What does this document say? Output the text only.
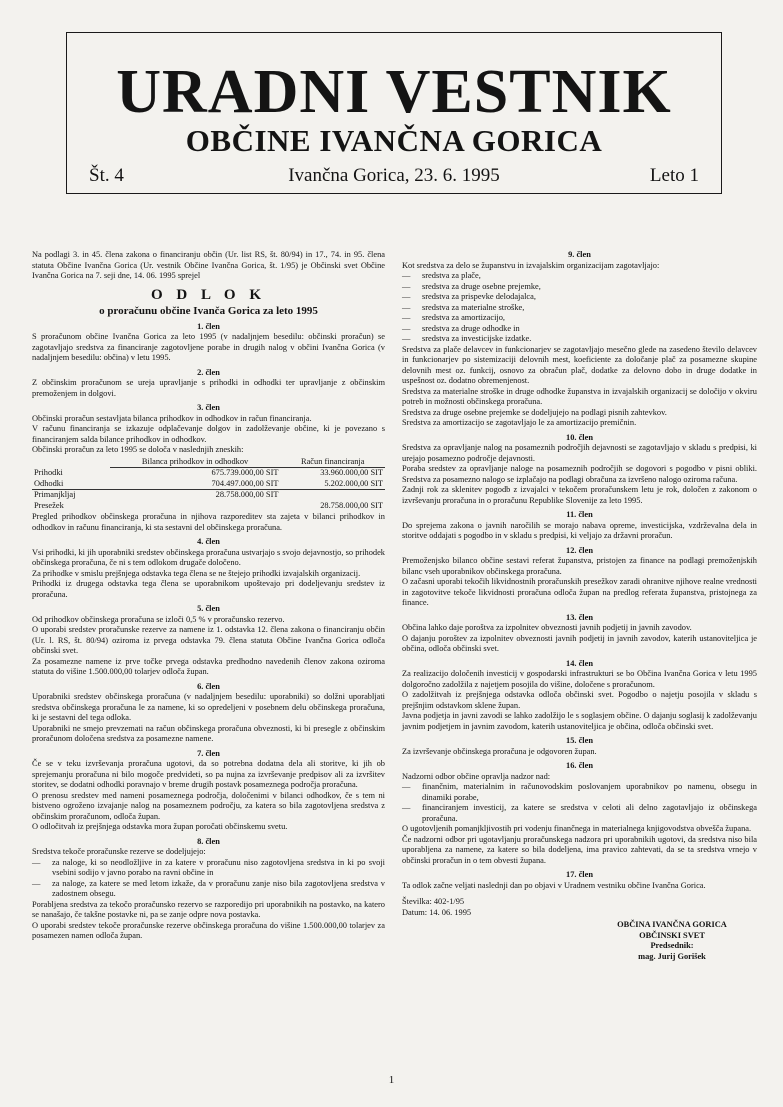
URADNI VESTNIK
OBČINE IVANČNA GORICA
Št. 4	Ivančna Gorica, 23. 6. 1995	Leto 1

Na podlagi 3. in 45. člena zakona o financiranju občin (Ur. list RS, št. 80/94) in 17., 74. in 95. člena statuta Občine Ivančna Gorica (Ur. vestnik Občine Ivančna Gorica, št. 1/95) je Občinski svet Občine Ivančna Gorica na 7. seji dne, 14. 06. 1995 sprejel

O D L O K
o proračunu občine Ivanča Gorica za leto 1995
1. člen

S proračunom občine Ivančna Gorica za leto 1995 (v nadaljnjem besedilu: občinski proračun) se zagotavljajo sredstva za financiranje zagotovljene porabe in drugih nalog v občini Ivančna Gorica (v nadaljnjem besedilu: občina) v letu 1995.

2. člen

Z občinskim proračunom se ureja upravljanje s prihodki in odhodki ter upravljanje z občinskim premoženjem in dolgovi.

3. člen

Občinski proračun sestavljata bilanca prihodkov in odhodkov in račun financiranja.

V računu financiranja se izkazuje odplačevanje dolgov in zadolževanje občine, ki je povezano s financiranjem salda bilance prihodkov in odhodkov.

Občinski proračun za leto 1995 se določa v naslednjih zneskih:

	Bilanca prihodkov in odhodkov	Račun financiranja
Prihodki	675.739.000,00 SIT	33.960.000,00 SIT
Odhodki	704.497.000,00 SIT	5.202.000,00 SIT
Primanjkljaj	28.758.000,00 SIT	
Presežek		28.758.000,00 SIT

Pregled prihodkov občinskega proračuna in njihova razporeditev sta zajeta v bilanci prihodkov in odhodkov in računu financiranja, ki sta sestavni del občinskega proračuna.

4. člen

Vsi prihodki, ki jih uporabniki sredstev občinskega proračuna ustvarjajo s svojo dejavnostjo, so prihodek občinskega proračuna, če ni s tem odlokom drugače določeno.

Za prihodke v smislu prejšnjega odstavka tega člena se ne štejejo prihodki izvajalskih organizacij.

Prihodki iz drugega odstavka tega člena se uporabnikom upoštevajo pri dodeljevanju sredstev iz proračuna.

5. člen

Od prihodkov občinskega proračuna se izloči 0,5 % v proračunsko rezervo.

O uporabi sredstev proračunske rezerve za namene iz 1. odstavka 12. člena zakona o financiranju občin (Ur. l. RS, št. 80/94) oziroma iz prvega odstavka 79. člena statuta Občine Ivančna Gorica odloča občinski svet.

Za posamezne namene iz prve točke prvega odstavka predhodno navedenih členov zakona oziroma statuta do višine 1.500.000,00 tolarjev odloča župan.

6. člen

Uporabniki sredstev občinskega proračuna (v nadaljnjem besedilu: uporabniki) so dolžni uporabljati sredstva občinskega proračuna le za namene, ki so opredeljeni v posebnem delu občinskega proračuna, ki je sestavni del tega odloka.

Uporabniki ne smejo prevzemati na račun občinskega proračuna obveznosti, ki bi presegle z občinskim proračunom določena sredstva za posamezne namene.

7. člen

Če se v teku izvrševanja proračuna ugotovi, da so potrebna dodatna dela ali storitve, ki jih ob sprejemanju proračuna ni bilo mogoče predvideti, so pa nujna za izvrševanje predpisov ali za izvršitev storitev, se dodatni odhodki poravnajo v breme drugih postavk posameznega področja proračuna.

O prenosu sredstev med nameni posameznega področja, določenimi v bilanci odhodkov, če s tem ni bistveno ogroženo izvajanje nalog na posameznem področju, za katera so bila zagotovljena sredstva z občinskim proračunom, odloča župan.

O odločitvah iz prejšnjega odstavka mora župan poročati občinskemu svetu.

8. člen

Sredstva tekoče proračunske rezerve se dodeljujejo:

— za naloge, ki so neodložljive in za katere v proračunu niso zagotovljena sredstva in ki po svoji vsebini sodijo v javno porabo na ravni občine in
— za naloge, za katere se med letom izkaže, da v proračunu zanje niso bila zagotovljena sredstva v zadostnem obsegu.

Porabljena sredstva za tekočo proračunsko rezervo se razporedijo pri uporabnikih na postavko, na katero se nanašajo, če takšne postavke ni, pa se zanje odpre nova postavka.

O uporabi sredstev tekoče proračunske rezerve občinskega proračuna do višine 1.500.000,00 tolarjev za posamezen namen odloča župan.

9. člen

Kot sredstva za delo se županstvu in izvajalskim organizacijam zagotavljajo:

— sredstva za plače,
— sredstva za druge osebne prejemke,
— sredstva za prispevke delodajalca,
— sredstva za materialne stroške,
— sredstva za amortizacijo,
— sredstva za druge odhodke in
— sredstva za investicijske izdatke.

Sredstva za plače delavcev in funkcionarjev se zagotavljajo mesečno glede na zasedeno število delavcev in funkcionarjev po sistemizaciji delovnih mest, koeficiente za določanje plač za posamezne skupine delovnih mest oz. funkcij, osnovo za obračun plač, dodatke za delovno dobo in druge dodatke in uspešnost oz. dodatno obremenjenost.

Sredstva za materialne stroške in druge odhodke županstva in izvajalskih organizacij se določijo v okviru potreb in možnosti občinskega proračuna.

Sredstva za druge osebne prejemke se dodeljujejo na podlagi pisnih zahtevkov.

Sredstva za amortizacijo se zagotavljajo le za amortizacijo premičnin.

10. člen

Sredstva za opravljanje nalog na posameznih področjih dejavnosti se zagotavljajo v skladu s predpisi, ki urejajo posamezno področje dejavnosti.

Poraba sredstev za opravljanje naloge na posameznih področjih se dogovori s pogodbo v pisni obliki. Sredstva za posamezno nalogo se izplačajo na podlagi obračuna za izvršeno nalogo oziroma računa.

Zadnji rok za sklenitev pogodb z izvajalci v tekočem proračunskem letu je rok, določen z zakonom o izvrševanju proračuna in o proračunu Republike Slovenije za leto 1995.

11. člen

Do sprejema zakona o javnih naročilih se morajo nabava opreme, investicijska, vzdrževalna dela in storitve oddajati s pogodbo in v skladu s predpisi, ki veljajo za državni proračun.

12. člen

Premoženjsko bilanco občine sestavi referat županstva, pristojen za finance na podlagi premoženjskih bilanc vseh uporabnikov občinskega proračuna.

O začasni uporabi tekočih likvidnostnih proračunskih presežkov zaradi ohranitve njihove realne vrednosti in zagotovitve tekoče likvidnosti proračuna odloča župan na predlog referata županstva, pristojnega za finance.

13. člen

Občina lahko daje poroštva za izpolnitev obveznosti javnih podjetij in javnih zavodov.

O dajanju poroštev za izpolnitev obveznosti javnih podjetij in javnih zavodov, katerih ustanoviteljica je občina, odloča občinski svet.

14. člen

Za realizacijo določenih investicij v gospodarski infrastrukturi se bo Občina Ivančna Gorica v letu 1995 dolgoročno zadolžila z najetjem posojila do višine, določene s proračunom.

O zadolžitvah iz prejšnjega odstavka odloča občinski svet. Pogodbo o najetju posojila v skladu s prejšnjim odstavkom sklene župan.

Javna podjetja in javni zavodi se lahko zadolžijo le s soglasjem občine. O dajanju soglasij k zadolževanju javnim podjetjem in javnim zavodom, katerih ustanoviteljica je občina, odloča občinski svet.

15. člen

Za izvrševanje občinskega proračuna je odgovoren župan.

16. člen

Nadzorni odbor občine opravlja nadzor nad:

— finančnim, materialnim in računovodskim poslovanjem uporabnikov po namenu, obsegu in dinamiki porabe,
— financiranjem investicij, za katere se sredstva v celoti ali delno zagotavljajo iz občinskega proračuna.

O ugotovljenih pomanjkljivostih pri vodenju finančnega in materialnega knjigovodstva obvešča župana.

Če nadzorni odbor pri ugotavljanju proračunskega nadzora pri uporabnikih ugotovi, da sredstva niso bila uporabljena za namene, za katere so bila dodeljena, ima pravico zahtevati, da se ta sredstva vrnejo v občinski proračun in o tem obvesti župana.

17. člen

Ta odlok začne veljati naslednji dan po objavi v Uradnem vestniku občine Ivančna Gorica.

Številka: 402-1/95
Datum: 14. 06. 1995
OBČINA IVANČNA GORICA
OBČINSKI SVET
Predsednik:
mag. Jurij Gorišek
1
